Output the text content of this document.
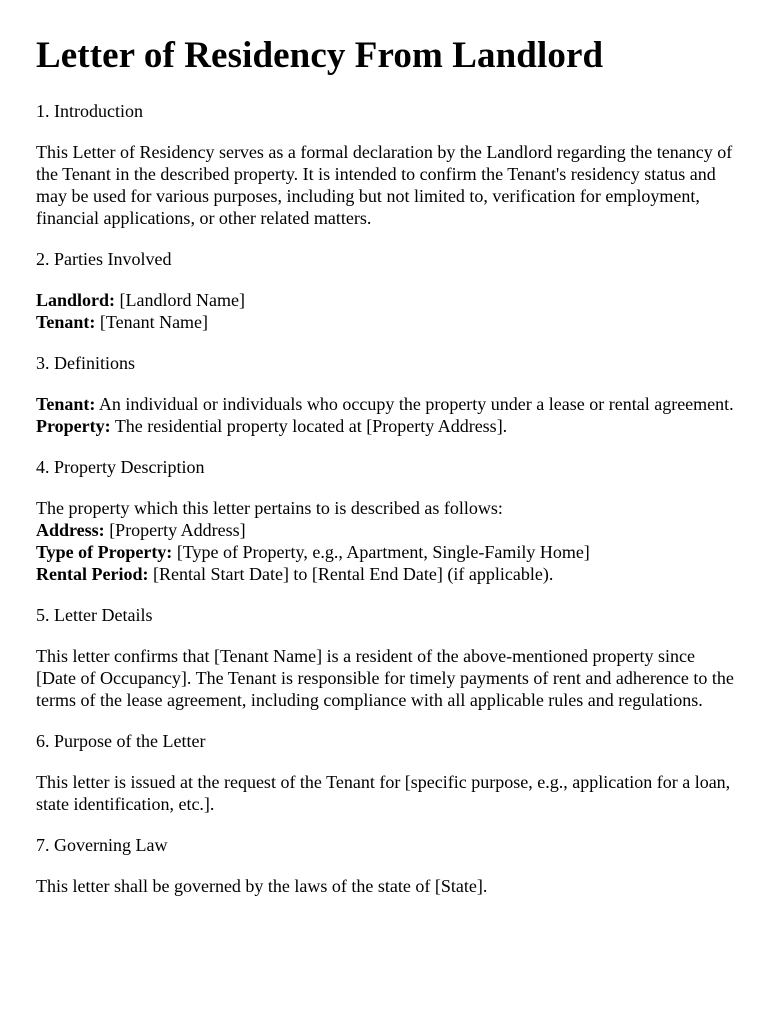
Letter of Residency From Landlord

1. Introduction

This Letter of Residency serves as a formal declaration by the Landlord regarding the tenancy of the Tenant in the described property. It is intended to confirm the Tenant's residency status and may be used for various purposes, including but not limited to, verification for employment, financial applications, or other related matters.

2. Parties Involved

Landlord: [Landlord Name]
Tenant: [Tenant Name]

3. Definitions

Tenant: An individual or individuals who occupy the property under a lease or rental agreement.
Property: The residential property located at [Property Address].

4. Property Description

The property which this letter pertains to is described as follows:
Address: [Property Address]
Type of Property: [Type of Property, e.g., Apartment, Single-Family Home]
Rental Period: [Rental Start Date] to [Rental End Date] (if applicable).

5. Letter Details

This letter confirms that [Tenant Name] is a resident of the above-mentioned property since [Date of Occupancy]. The Tenant is responsible for timely payments of rent and adherence to the terms of the lease agreement, including compliance with all applicable rules and regulations.

6. Purpose of the Letter

This letter is issued at the request of the Tenant for [specific purpose, e.g., application for a loan, state identification, etc.].

7. Governing Law

This letter shall be governed by the laws of the state of [State].
